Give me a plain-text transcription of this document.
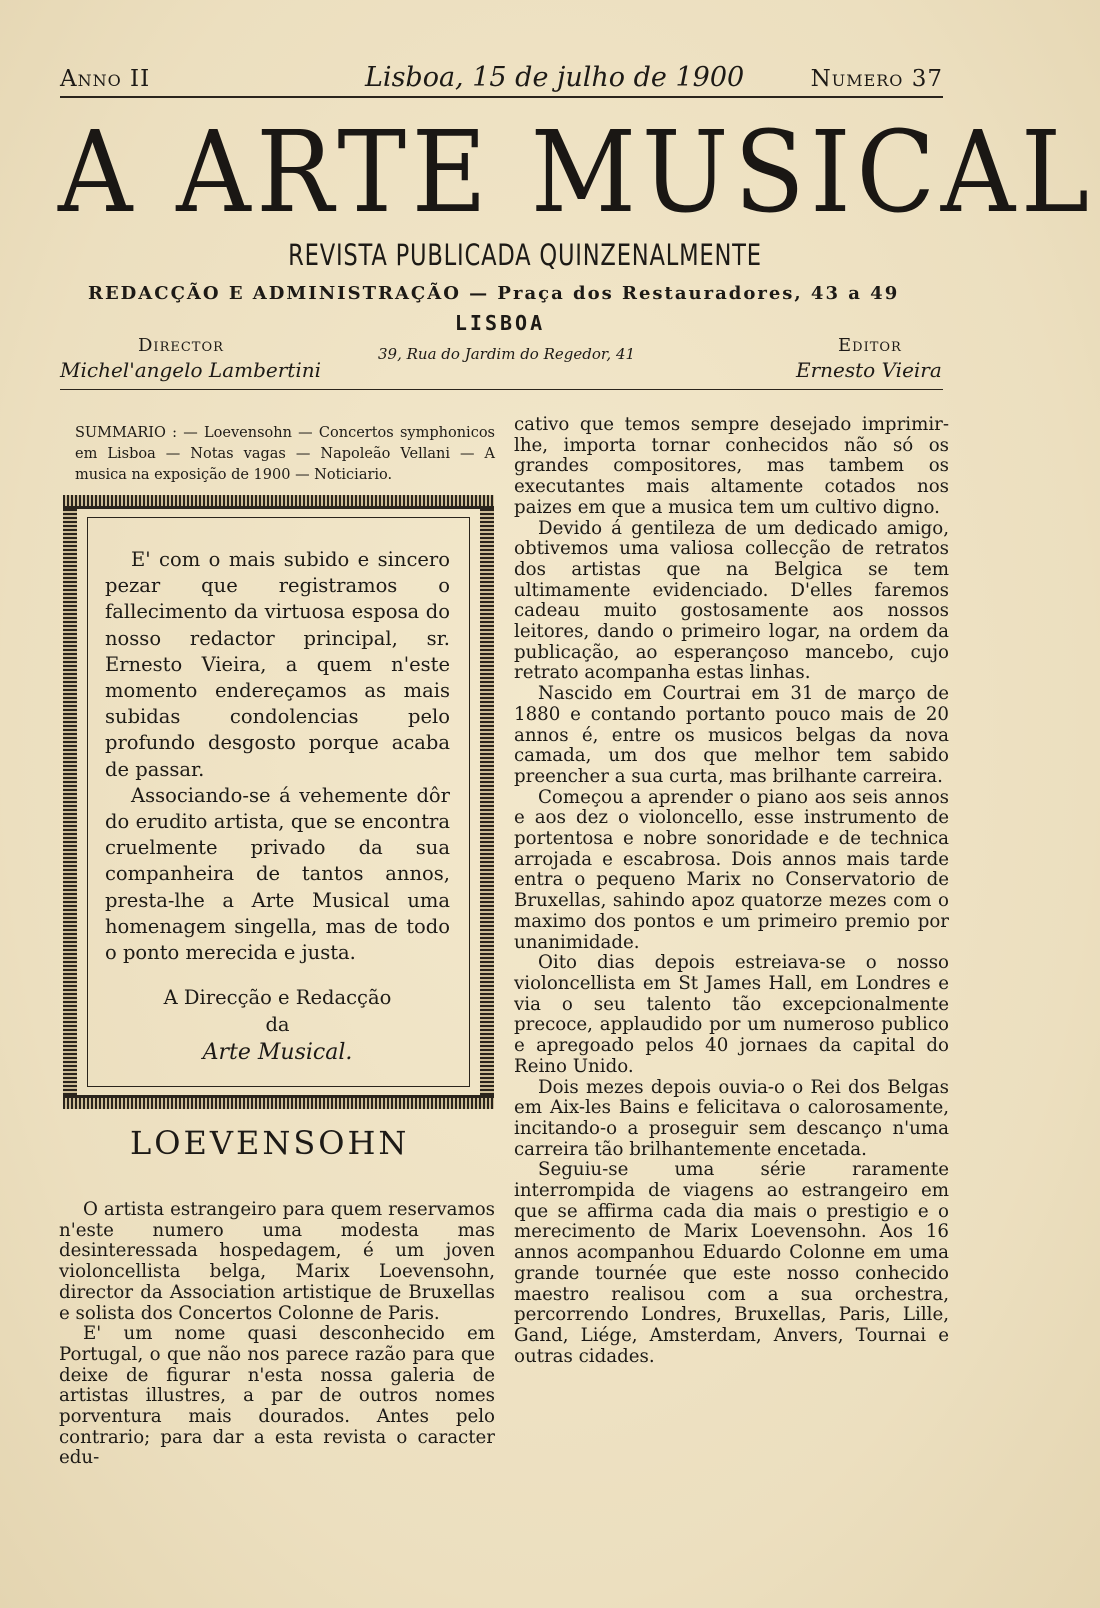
Anno II	Lisboa, 15 de julho de 1900	Numero 37
A ARTE MUSICAL
REVISTA PUBLICADA QUINZENALMENTE
REDACÇÃO E ADMINISTRAÇÃO — Praça dos Restauradores, 43 a 49
LISBOA
Director
Michel'angelo Lambertini
39, Rua do Jardim do Regedor, 41	Editor
Ernesto Vieira
SUMMARIO : — Loevensohn — Concertos symphonicos em Lisboa — Notas vagas — Napoleão Vellani — A musica na exposição de 1900 — Noticiario.

E' com o mais subido e sincero pezar que registramos o fallecimento da virtuosa esposa do nosso redactor principal, sr. Ernesto Vieira, a quem n'este momento endereçamos as mais subidas condolencias pelo profundo desgosto porque acaba de passar.

Associando-se á vehemente dôr do erudito artista, que se encontra cruelmente privado da sua companheira de tantos annos, presta-lhe a Arte Musical uma homenagem singella, mas de todo o ponto merecida e justa.

A Direcção e Redacção
da
Arte Musical.
LOEVENSOHN

O artista estrangeiro para quem reservamos n'este numero uma modesta mas desinteressada hospedagem, é um joven violoncellista belga, Marix Loevensohn, director da Association artistique de Bruxellas e solista dos Concertos Colonne de Paris.

E' um nome quasi desconhecido em Portugal, o que não nos parece razão para que deixe de figurar n'esta nossa galeria de artistas illustres, a par de outros nomes porventura mais dourados. Antes pelo contrario; para dar a esta revista o caracter edu-

cativo que temos sempre desejado imprimir-lhe, importa tornar conhecidos não só os grandes compositores, mas tambem os executantes mais altamente cotados nos paizes em que a musica tem um cultivo digno.

Devido á gentileza de um dedicado amigo, obtivemos uma valiosa collecção de retratos dos artistas que na Belgica se tem ultimamente evidenciado. D'elles faremos cadeau muito gostosamente aos nossos leitores, dando o primeiro logar, na ordem da publicação, ao esperançoso mancebo, cujo retrato acompanha estas linhas.

Nascido em Courtrai em 31 de março de 1880 e contando portanto pouco mais de 20 annos é, entre os musicos belgas da nova camada, um dos que melhor tem sabido preencher a sua curta, mas brilhante carreira.

Começou a aprender o piano aos seis annos e aos dez o violoncello, esse instrumento de portentosa e nobre sonoridade e de technica arrojada e escabrosa. Dois annos mais tarde entra o pequeno Marix no Conservatorio de Bruxellas, sahindo apoz quatorze mezes com o maximo dos pontos e um primeiro premio por unanimidade.

Oito dias depois estreiava-se o nosso violoncellista em St James Hall, em Londres e via o seu talento tão excepcionalmente precoce, applaudido por um numeroso publico e apregoado pelos 40 jornaes da capital do Reino Unido.

Dois mezes depois ouvia-o o Rei dos Belgas em Aix-les Bains e felicitava o calorosamente, incitando-o a proseguir sem descanço n'uma carreira tão brilhantemente encetada.

Seguiu-se uma série raramente interrompida de viagens ao estrangeiro em que se affirma cada dia mais o prestigio e o merecimento de Marix Loevensohn. Aos 16 annos acompanhou Eduardo Colonne em uma grande tournée que este nosso conhecido maestro realisou com a sua orchestra, percorrendo Londres, Bruxellas, Paris, Lille, Gand, Liége, Amsterdam, Anvers, Tournai e outras cidades.
